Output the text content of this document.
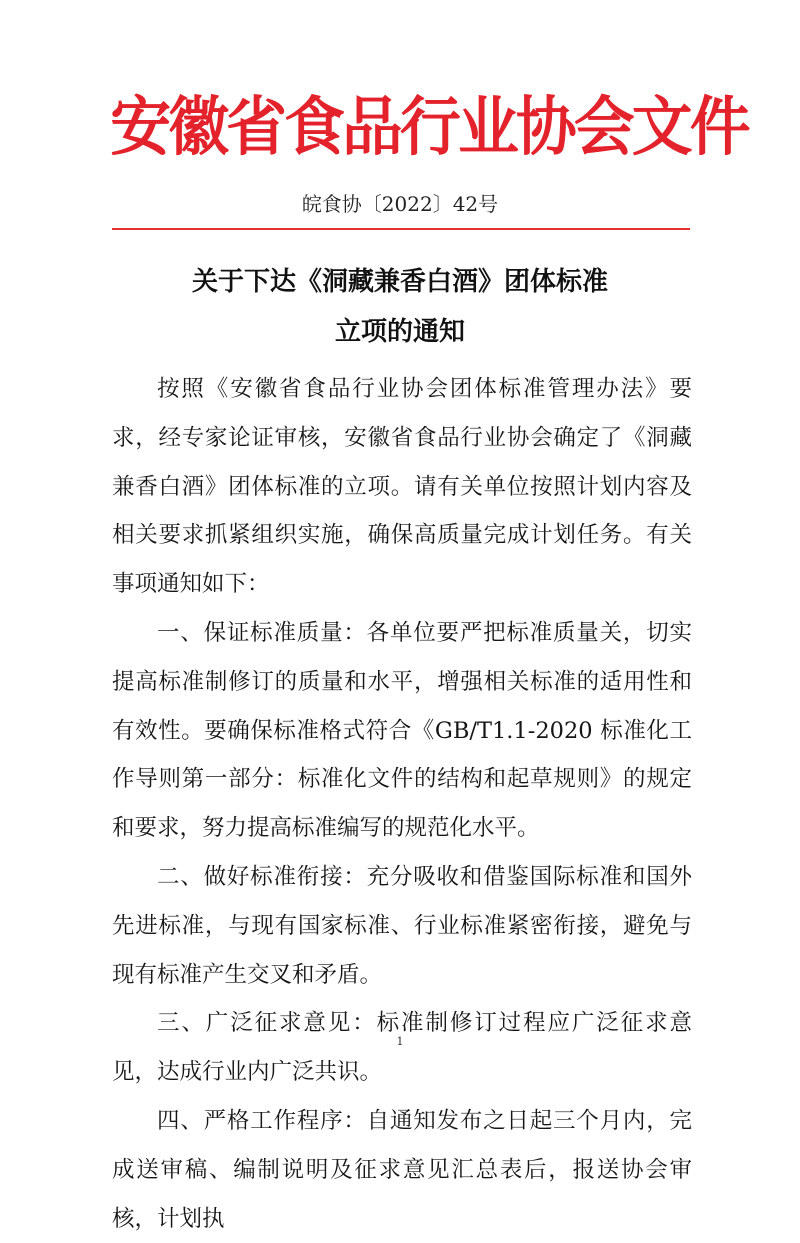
安徽省食品行业协会文件
皖食协〔2022〕42号
关于下达《洞藏兼香白酒》团体标准
立项的通知

按照《安徽省食品行业协会团体标准管理办法》要求，经专家论证审核，安徽省食品行业协会确定了《洞藏兼香白酒》团体标准的立项。请有关单位按照计划内容及相关要求抓紧组织实施，确保高质量完成计划任务。有关事项通知如下：

一、保证标准质量：各单位要严把标准质量关，切实提高标准制修订的质量和水平，增强相关标准的适用性和有效性。要确保标准格式符合《GB/T1.1-2020 标准化工作导则第一部分：标准化文件的结构和起草规则》的规定和要求，努力提高标准编写的规范化水平。

二、做好标准衔接：充分吸收和借鉴国际标准和国外先进标准，与现有国家标准、行业标准紧密衔接，避免与现有标准产生交叉和矛盾。

三、广泛征求意见：标准制修订过程应广泛征求意见，达成行业内广泛共识。

四、严格工作程序：自通知发布之日起三个月内，完成送审稿、编制说明及征求意见汇总表后，报送协会审核，计划执

1
